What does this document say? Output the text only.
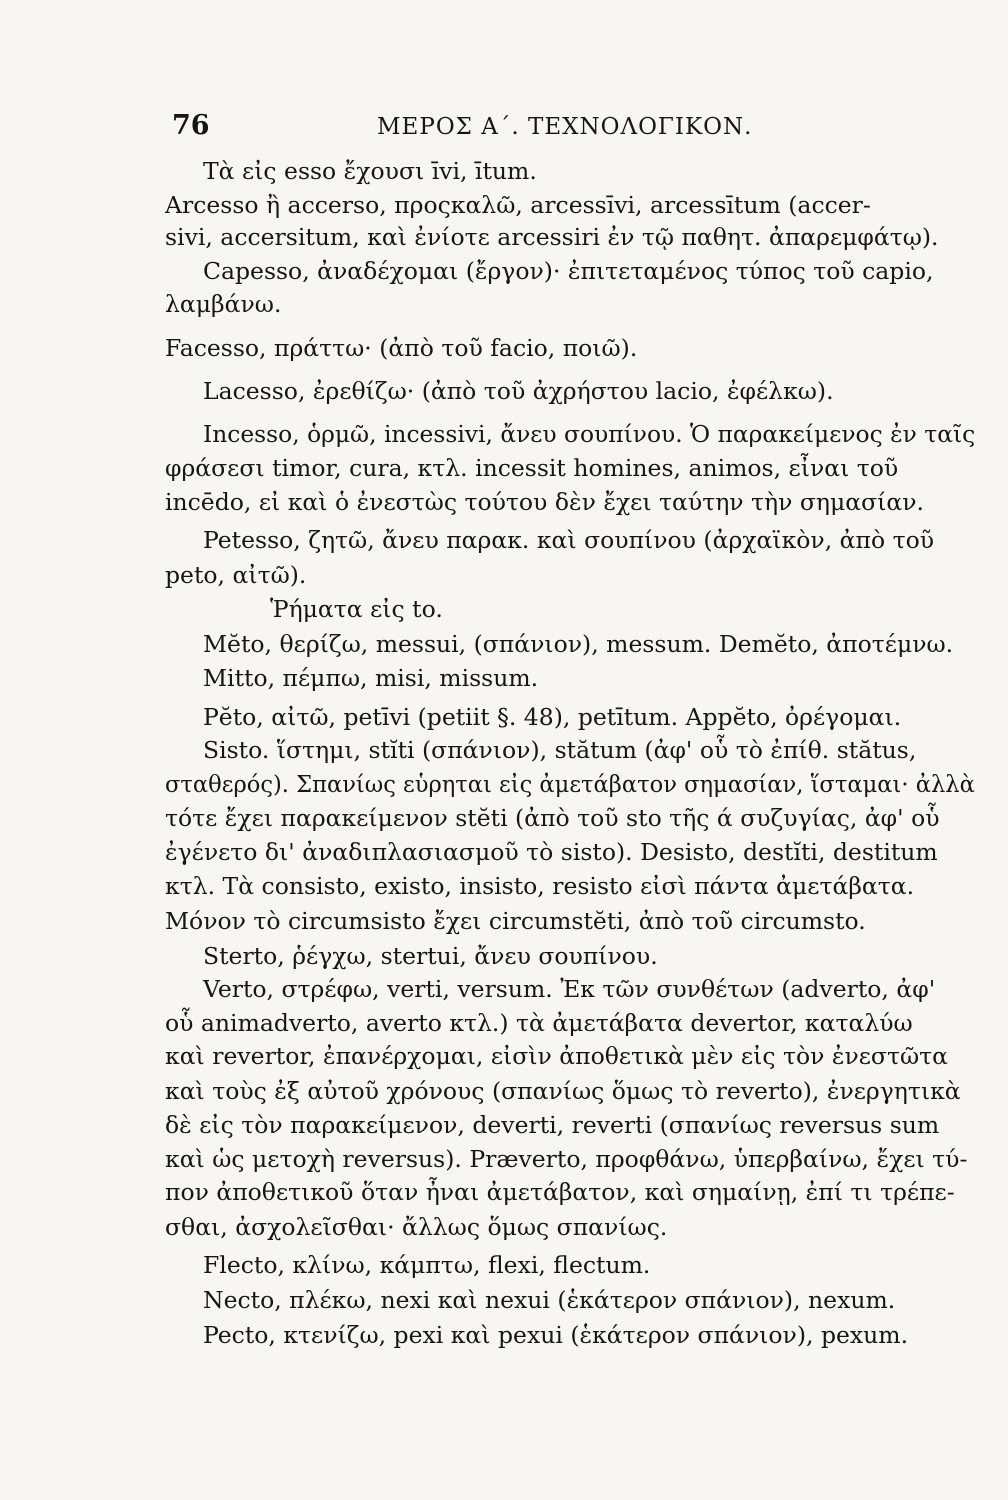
76	ΜΕΡΟΣ Α΄. ΤΕΧΝΟΛΟΓΙΚΟΝ.
Τὰ εἰς esso ἔχουσι īvi, ītum.
Arcesso ἢ accerso, προςκαλῶ, arcessīvi, arcessītum (accer-
sivi, accersitum, καὶ ἐνίοτε arcessiri ἐν τῷ παθητ. ἀπαρεμφάτῳ).
Capesso, ἀναδέχομαι (ἔργον)· ἐπιτεταμένος τύπος τοῦ capio,
λαμβάνω.
Facesso, πράττω· (ἀπὸ τοῦ facio, ποιῶ).
Lacesso, ἐρεθίζω· (ἀπὸ τοῦ ἀχρήστου lacio, ἐφέλκω).
Incesso, ὁρμῶ, incessivi, ἄνευ σουπίνου. Ὁ παρακείμενος ἐν ταῖς
φράσεσι timor, cura, κτλ. incessit homines, animos, εἶναι τοῦ
incēdo, εἰ καὶ ὁ ἐνεστὼς τούτου δὲν ἔχει ταύτην τὴν σημασίαν.
Petesso, ζητῶ, ἄνευ παρακ. καὶ σουπίνου (ἀρχαϊκὸν, ἀπὸ τοῦ
peto, αἰτῶ).
Ῥήματα εἰς to.
Mĕto, θερίζω, messui, (σπάνιον), messum. Demĕto, ἀποτέμνω.
Mitto, πέμπω, misi, missum.
Pĕto, αἰτῶ, petīvi (petiit §. 48), petītum. Appĕto, ὀρέγομαι.
Sisto. ἵστημι, stĭti (σπάνιον), stătum (ἀφ' οὗ τὸ ἐπίθ. stătus,
σταθερός). Σπανίως εὑρηται εἰς ἀμετάβατον σημασίαν, ἵσταμαι· ἀλλὰ
τότε ἔχει παρακείμενον stĕti (ἀπὸ τοῦ sto τῆς ά συζυγίας, ἀφ' οὗ
ἐγένετο δι' ἀναδιπλασιασμοῦ τὸ sisto). Desisto, destĭti, destitum
κτλ. Τὰ consisto, existo, insisto, resisto εἰσὶ πάντα ἀμετάβατα.
Μόνον τὸ circumsisto ἔχει circumstĕti, ἀπὸ τοῦ circumsto.
Sterto, ῥέγχω, stertui, ἄνευ σουπίνου.
Verto, στρέφω, verti, versum. Ἐκ τῶν συνθέτων (adverto, ἀφ'
οὗ animadverto, averto κτλ.) τὰ ἀμετάβατα devertor, καταλύω
καὶ revertor, ἐπανέρχομαι, εἰσὶν ἀποθετικὰ μὲν εἰς τὸν ἐνεστῶτα
καὶ τοὺς ἐξ αὐτοῦ χρόνους (σπανίως ὅμως τὸ reverto), ἐνεργητικὰ
δὲ εἰς τὸν παρακείμενον, deverti, reverti (σπανίως reversus sum
καὶ ὡς μετοχὴ reversus). Præverto, προφθάνω, ὑπερβαίνω, ἔχει τύ-
πον ἀποθετικοῦ ὅταν ἦναι ἀμετάβατον, καὶ σημαίνῃ, ἐπί τι τρέπε-
σθαι, ἀσχολεῖσθαι· ἄλλως ὅμως σπανίως.
Flecto, κλίνω, κάμπτω, flexi, flectum.
Necto, πλέκω, nexi καὶ nexui (ἑκάτερον σπάνιον), nexum.
Pecto, κτενίζω, pexi καὶ pexui (ἑκάτερον σπάνιον), pexum.
